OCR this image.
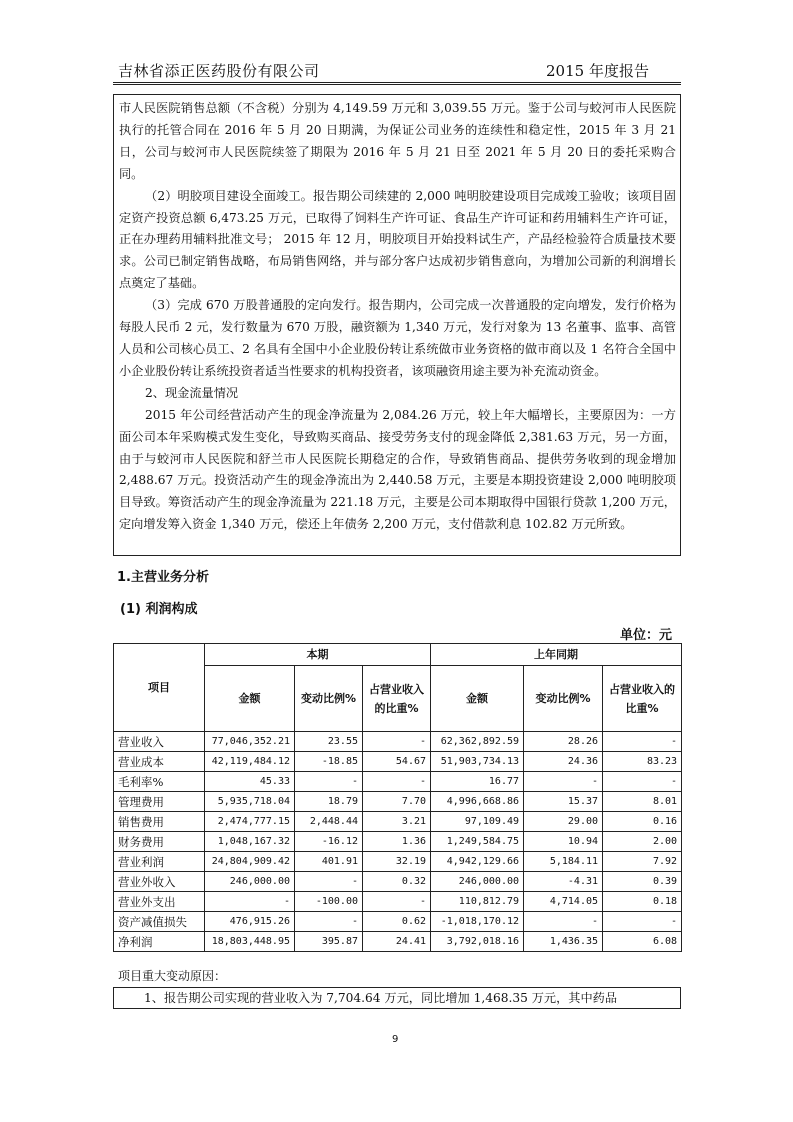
吉林省添正医药股份有限公司	2015 年度报告

市人民医院销售总额（不含税）分别为 4,149.59 万元和 3,039.55 万元。鉴于公司与蛟河市人民医院执行的托管合同在 2016 年 5 月 20 日期满，为保证公司业务的连续性和稳定性，2015 年 3 月 21 日，公司与蛟河市人民医院续签了期限为 2016 年 5 月 21 日至 2021 年 5 月 20 日的委托采购合同。

（2）明胶项目建设全面竣工。报告期公司续建的 2,000 吨明胶建设项目完成竣工验收；该项目固定资产投资总额 6,473.25 万元，已取得了饲料生产许可证、食品生产许可证和药用辅料生产许可证，正在办理药用辅料批准文号； 2015 年 12 月，明胶项目开始投料试生产，产品经检验符合质量技术要求。公司已制定销售战略，布局销售网络，并与部分客户达成初步销售意向，为增加公司新的利润增长点奠定了基础。

（3）完成 670 万股普通股的定向发行。报告期内，公司完成一次普通股的定向增发，发行价格为每股人民币 2 元，发行数量为 670 万股，融资额为 1,340 万元，发行对象为 13 名董事、监事、高管人员和公司核心员工、2 名具有全国中小企业股份转让系统做市业务资格的做市商以及 1 名符合全国中小企业股份转让系统投资者适当性要求的机构投资者，该项融资用途主要为补充流动资金。

2、现金流量情况

2015 年公司经营活动产生的现金净流量为 2,084.26 万元，较上年大幅增长，主要原因为：一方面公司本年采购模式发生变化，导致购买商品、接受劳务支付的现金降低 2,381.63 万元，另一方面，由于与蛟河市人民医院和舒兰市人民医院长期稳定的合作，导致销售商品、提供劳务收到的现金增加 2,488.67 万元。投资活动产生的现金净流出为 2,440.58 万元，主要是本期投资建设 2,000 吨明胶项目导致。筹资活动产生的现金净流量为 221.18 万元，主要是公司本期取得中国银行贷款 1,200 万元，定向增发筹入资金 1,340 万元，偿还上年债务 2,200 万元，支付借款利息 102.82 万元所致。

1.主营业务分析
(1) 利润构成
单位：元
项目	本期			上年同期		
	金额	变动比例%	占营业收入的比重%	金额	变动比例%	占营业收入的比重%
营业收入	77,046,352.21	23.55	-	62,362,892.59	28.26	-
营业成本	42,119,484.12	-18.85	54.67	51,903,734.13	24.36	83.23
毛利率%	45.33	-	-	16.77	-	-
管理费用	5,935,718.04	18.79	7.70	4,996,668.86	15.37	8.01
销售费用	2,474,777.15	2,448.44	3.21	97,109.49	29.00	0.16
财务费用	1,048,167.32	-16.12	1.36	1,249,584.75	10.94	2.00
营业利润	24,804,909.42	401.91	32.19	4,942,129.66	5,184.11	7.92
营业外收入	246,000.00	-	0.32	246,000.00	-4.31	0.39
营业外支出	-	-100.00	-	110,812.79	4,714.05	0.18
资产减值损失	476,915.26	-	0.62	-1,018,170.12	-	-
净利润	18,803,448.95	395.87	24.41	3,792,018.16	1,436.35	6.08
项目重大变动原因：
1、报告期公司实现的营业收入为 7,704.64 万元，同比增加 1,468.35 万元，其中药品
9
